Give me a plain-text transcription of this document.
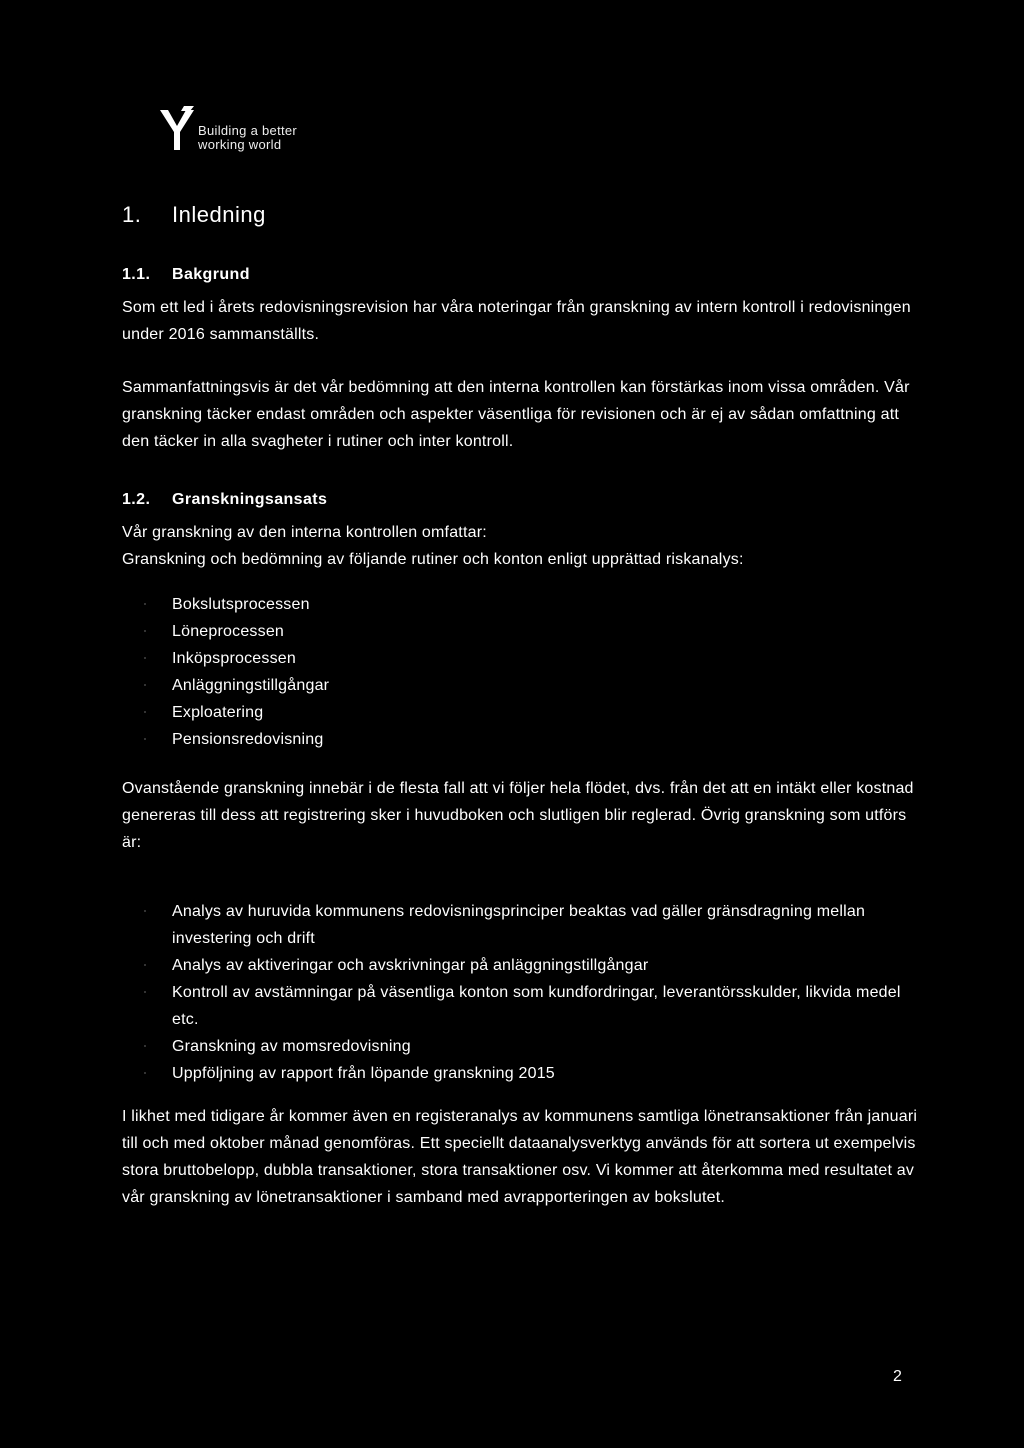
Building a better
working world
1. Inledning
1.1. Bakgrund

Som ett led i årets redovisningsrevision har våra noteringar från granskning av intern kontroll i redovisningen under 2016 sammanställts.

Sammanfattningsvis är det vår bedömning att den interna kontrollen kan förstärkas inom vissa områden. Vår granskning täcker endast områden och aspekter väsentliga för revisionen och är ej av sådan omfattning att den täcker in alla svagheter i rutiner och inter kontroll.

1.2. Granskningsansats

Vår granskning av den interna kontrollen omfattar:

Granskning och bedömning av följande rutiner och konton enligt upprättad riskanalys:

Bokslutsprocessen
Löneprocessen
Inköpsprocessen
Anläggningstillgångar
Exploatering
Pensionsredovisning

Ovanstående granskning innebär i de flesta fall att vi följer hela flödet, dvs. från det att en intäkt eller kostnad genereras till dess att registrering sker i huvudboken och slutligen blir reglerad. Övrig granskning som utförs är:

Analys av huruvida kommunens redovisningsprinciper beaktas vad gäller gränsdragning mellan investering och drift
Analys av aktiveringar och avskrivningar på anläggningstillgångar
Kontroll av avstämningar på väsentliga konton som kundfordringar, leverantörsskulder, likvida medel etc.
Granskning av momsredovisning
Uppföljning av rapport från löpande granskning 2015

I likhet med tidigare år kommer även en registeranalys av kommunens samtliga lönetransaktioner från januari till och med oktober månad genomföras. Ett speciellt dataanalysverktyg används för att sortera ut exempelvis stora bruttobelopp, dubbla transaktioner, stora transaktioner osv. Vi kommer att återkomma med resultatet av vår granskning av lönetransaktioner i samband med avrapporteringen av bokslutet.

2
